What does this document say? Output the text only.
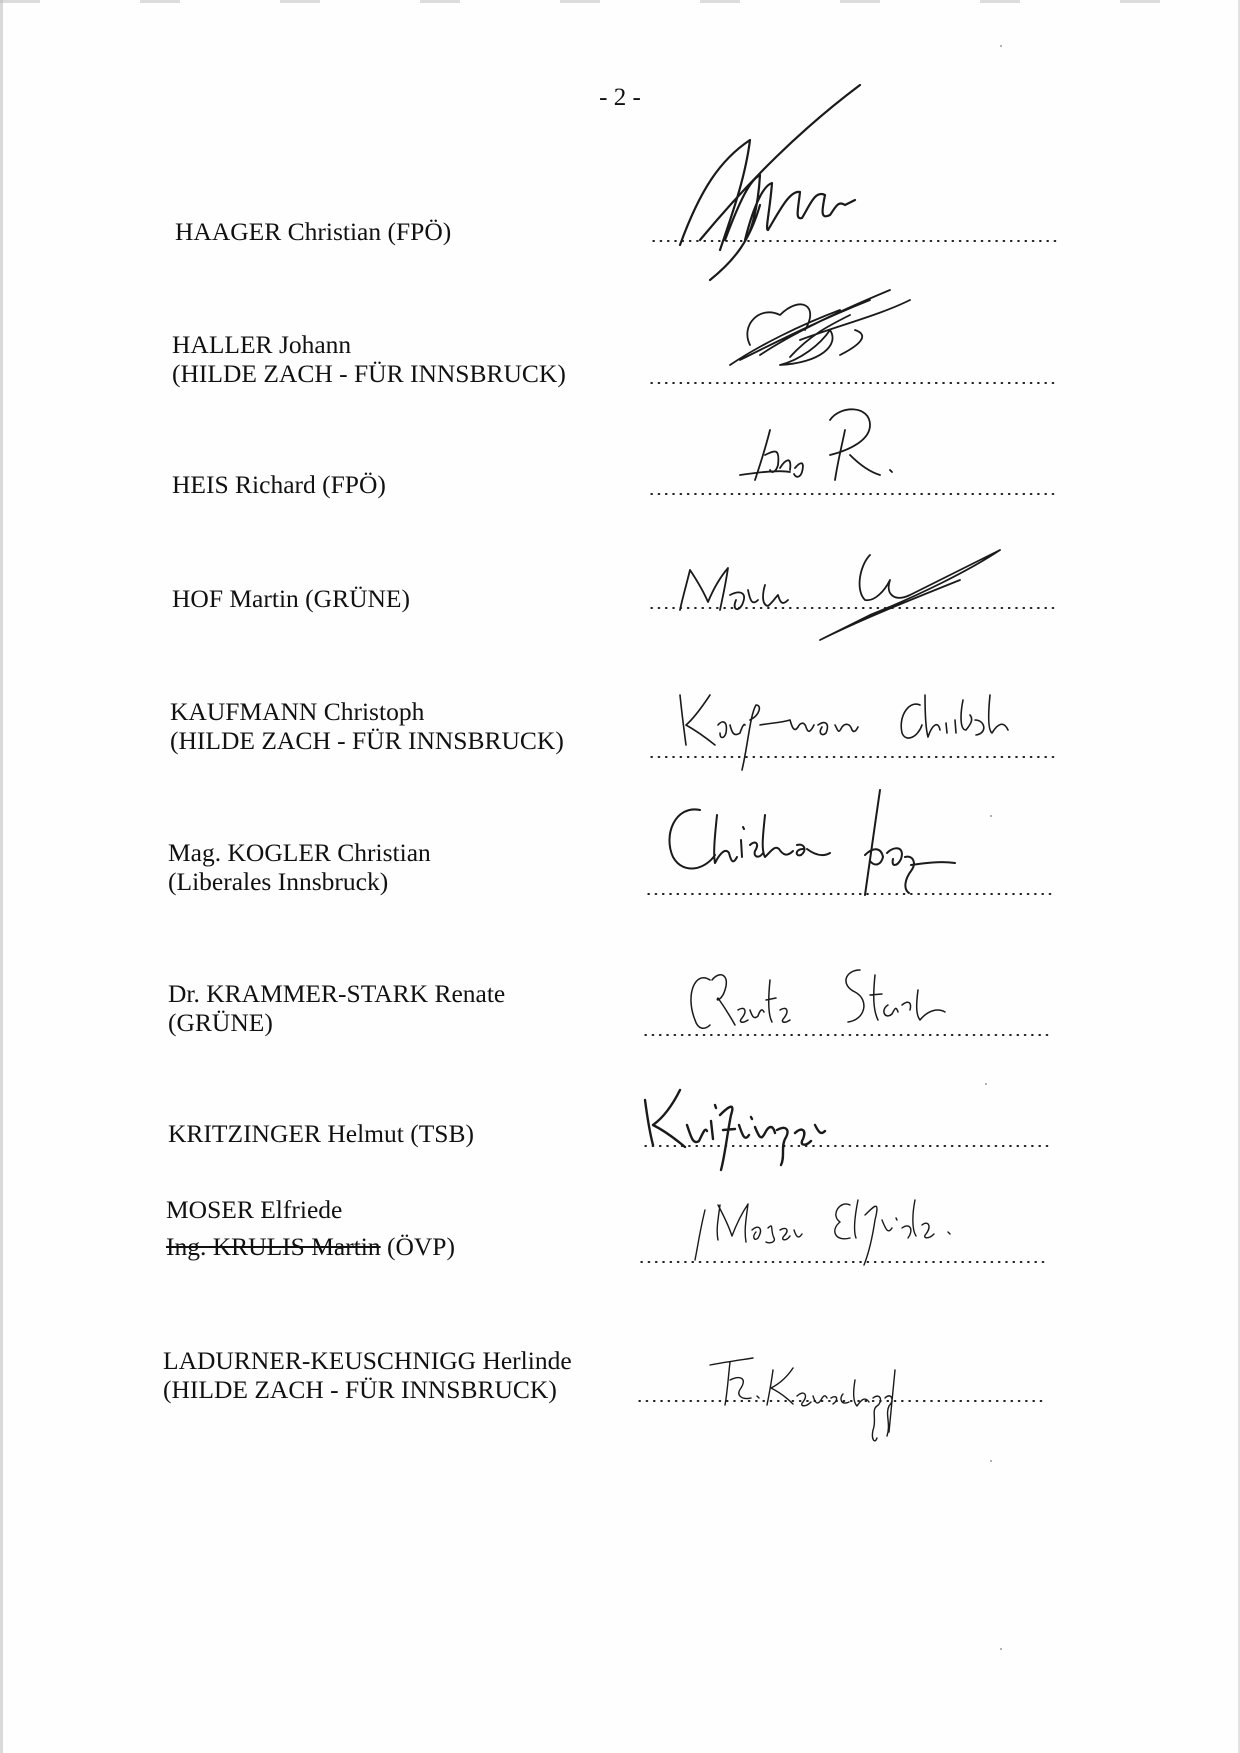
- 2 -
HAAGER Christian (FPÖ)
HALLER Johann
(HILDE ZACH - FÜR INNSBRUCK)
HEIS Richard (FPÖ)
HOF Martin (GRÜNE)
KAUFMANN Christoph
(HILDE ZACH - FÜR INNSBRUCK)
Mag. KOGLER Christian
(Liberales Innsbruck)
Dr. KRAMMER-STARK Renate
(GRÜNE)
KRITZINGER Helmut (TSB)
MOSER Elfriede
Ing. KRULIS Martin (ÖVP)
LADURNER-KEUSCHNIGG Herlinde
(HILDE ZACH - FÜR INNSBRUCK)
